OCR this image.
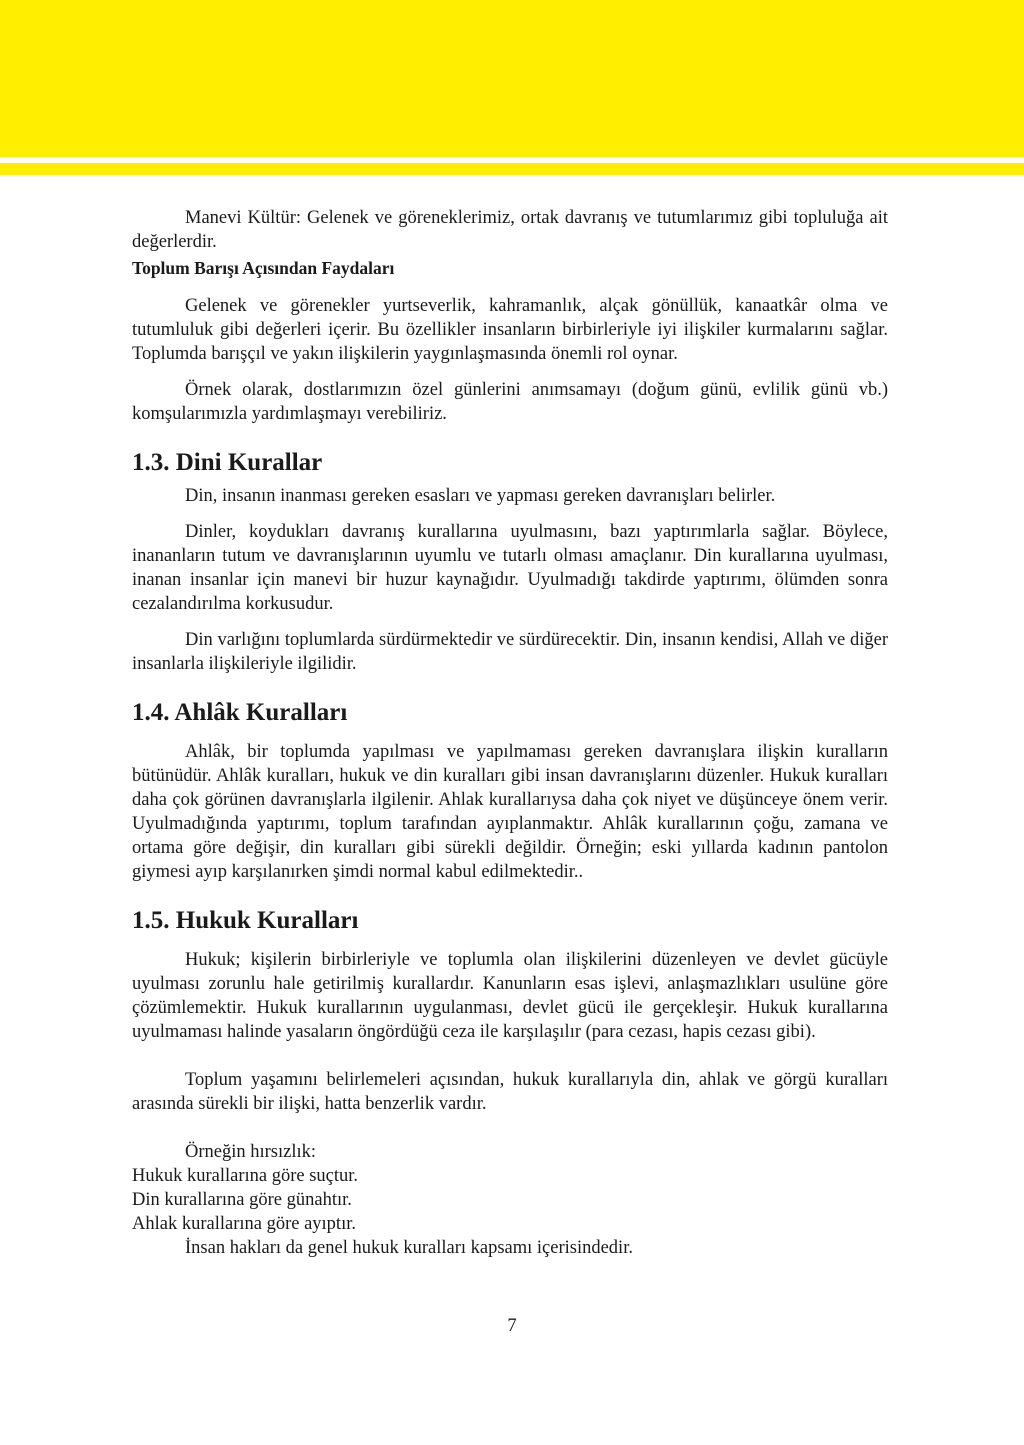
Manevi Kültür: Gelenek ve göreneklerimiz, ortak davranış ve tutumlarımız gibi topluluğa ait değerlerdir.

Toplum Barışı Açısından Faydaları

Gelenek ve görenekler yurtseverlik, kahramanlık, alçak gönüllük, kanaatkâr olma ve tutumluluk gibi değerleri içerir. Bu özellikler insanların birbirleriyle iyi ilişkiler kurmalarını sağlar. Toplumda barışçıl ve yakın ilişkilerin yaygınlaşmasında önemli rol oynar.

Örnek olarak, dostlarımızın özel günlerini anımsamayı (doğum günü, evlilik günü vb.) komşularımızla yardımlaşmayı verebiliriz.

1.3. Dini Kurallar

Din, insanın inanması gereken esasları ve yapması gereken davranışları belirler.

Dinler, koydukları davranış kurallarına uyulmasını, bazı yaptırımlarla sağlar. Böylece, inananların tutum ve davranışlarının uyumlu ve tutarlı olması amaçlanır. Din kurallarına uyulması, inanan insanlar için manevi bir huzur kaynağıdır. Uyulmadığı takdirde yaptırımı, ölümden sonra cezalandırılma korkusudur.

Din varlığını toplumlarda sürdürmektedir ve sürdürecektir. Din, insanın kendisi, Allah ve diğer insanlarla ilişkileriyle ilgilidir.

1.4. Ahlâk Kuralları

Ahlâk, bir toplumda yapılması ve yapılmaması gereken davranışlara ilişkin kuralların bütünüdür. Ahlâk kuralları, hukuk ve din kuralları gibi insan davranışlarını düzenler. Hukuk kuralları daha çok görünen davranışlarla ilgilenir. Ahlak kurallarıysa daha çok niyet ve düşünceye önem verir. Uyulmadığında yaptırımı, toplum tarafından ayıplanmaktır. Ahlâk kurallarının çoğu, zamana ve ortama göre değişir, din kuralları gibi sürekli değildir. Örneğin; eski yıllarda kadının pantolon giymesi ayıp karşılanırken şimdi normal kabul edilmektedir..

1.5. Hukuk Kuralları

Hukuk; kişilerin birbirleriyle ve toplumla olan ilişkilerini düzenleyen ve devlet gücüyle uyulması zorunlu hale getirilmiş kurallardır. Kanunların esas işlevi, anlaşmazlıkları usulüne göre çözümlemektir. Hukuk kurallarının uygulanması, devlet gücü ile gerçekleşir. Hukuk kurallarına uyulmaması halinde yasaların öngördüğü ceza ile karşılaşılır (para cezası, hapis cezası gibi).

Toplum yaşamını belirlemeleri açısından, hukuk kurallarıyla din, ahlak ve görgü kuralları arasında sürekli bir ilişki, hatta benzerlik vardır.

Örneğin hırsızlık:

Hukuk kurallarına göre suçtur.

Din kurallarına göre günahtır.

Ahlak kurallarına göre ayıptır.

İnsan hakları da genel hukuk kuralları kapsamı içerisindedir.

7
